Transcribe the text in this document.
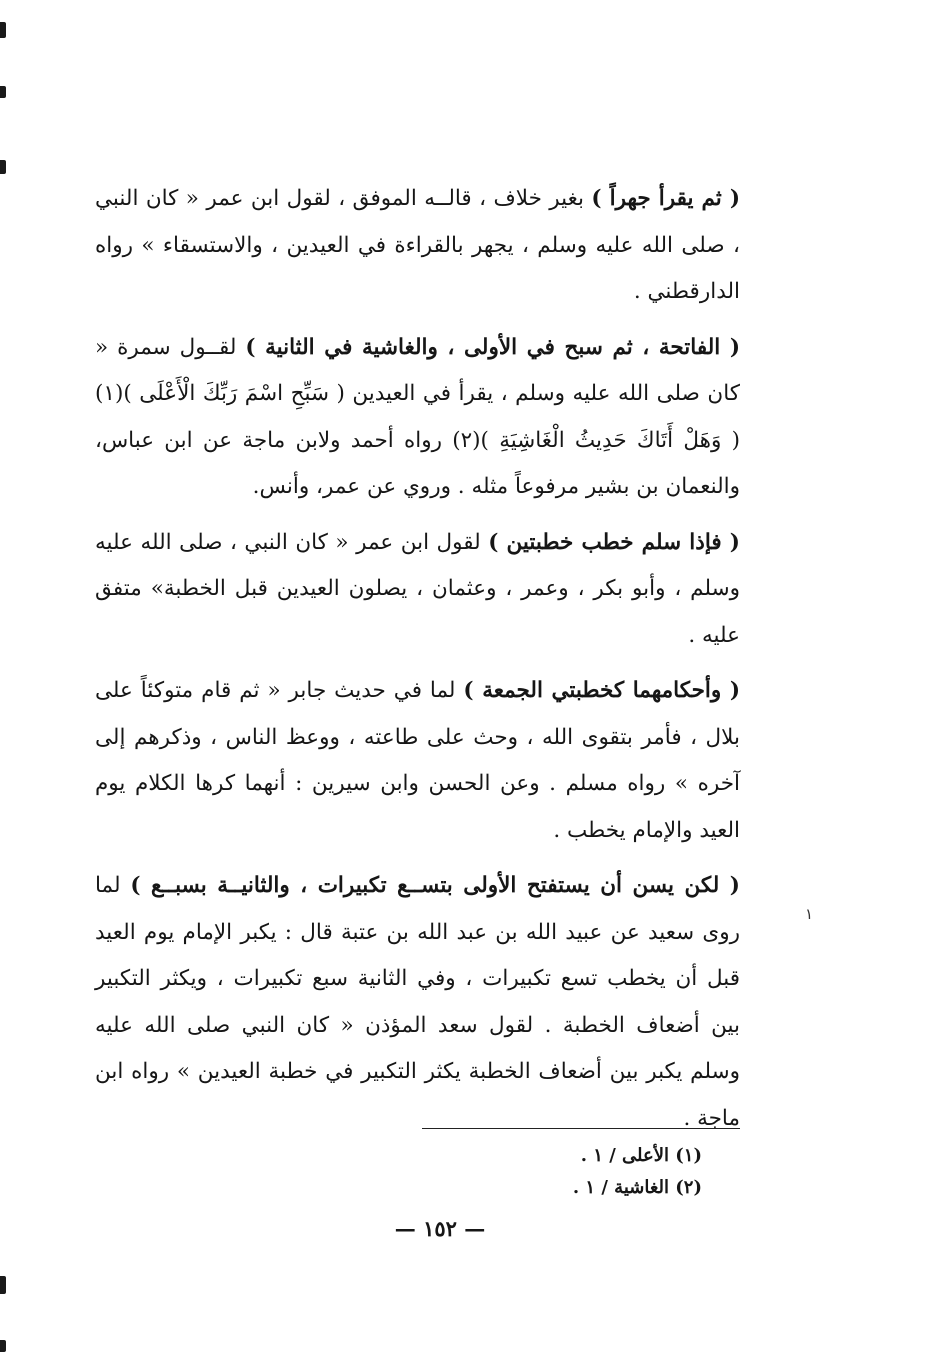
( ثم يقرأ جهراً ) بغير خلاف ، قالــه الموفق ، لقول ابن عمر « كان النبي ، صلى الله عليه وسلم ، يجهر بالقراءة في العيدين ، والاستسقاء » رواه الدارقطني .

( الفاتحة ، ثم سبح في الأولى ، والغاشية في الثانية ) لقــول سمرة « كان صلى الله عليه وسلم ، يقرأ في العيدين ( سَبِّحِ اسْمَ رَبِّكَ الْأَعْلَى )(١) ( وَهَلْ أَتَاكَ حَدِيثُ الْغَاشِيَةِ )(٢) رواه أحمد ولابن ماجة عن ابن عباس، والنعمان بن بشير مرفوعاً مثله . وروي عن عمر، وأنس.

( فإذا سلم خطب خطبتين ) لقول ابن عمر « كان النبي ، صلى الله عليه وسلم ، وأبو بكر ، وعمر ، وعثمان ، يصلون العيدين قبل الخطبة» متفق عليه .

( وأحكامهما كخطبتي الجمعة ) لما في حديث جابر « ثم قام متوكئاً على بلال ، فأمر بتقوى الله ، وحث على طاعته ، ووعظ الناس ، وذكرهم إلى آخره » رواه مسلم . وعن الحسن وابن سيرين : أنهما كرها الكلام يوم العيد والإمام يخطب .

( لكن يسن أن يستفتح الأولى بتســع تكبيرات ، والثانيــة بسبــع ) لما روى سعيد عن عبيد الله بن عبد الله بن عتبة قال : يكبر الإمام يوم العيد قبل أن يخطب تسع تكبيرات ، وفي الثانية سبع تكبيرات ، ويكثر التكبير بين أضعاف الخطبة . لقول سعد المؤذن « كان النبي صلى الله عليه وسلم يكبر بين أضعاف الخطبة يكثر التكبير في خطبة العيدين » رواه ابن ماجة .

١

(١) الأعلى / ١ .

(٢) الغاشية / ١ .

— ١٥٢ —
